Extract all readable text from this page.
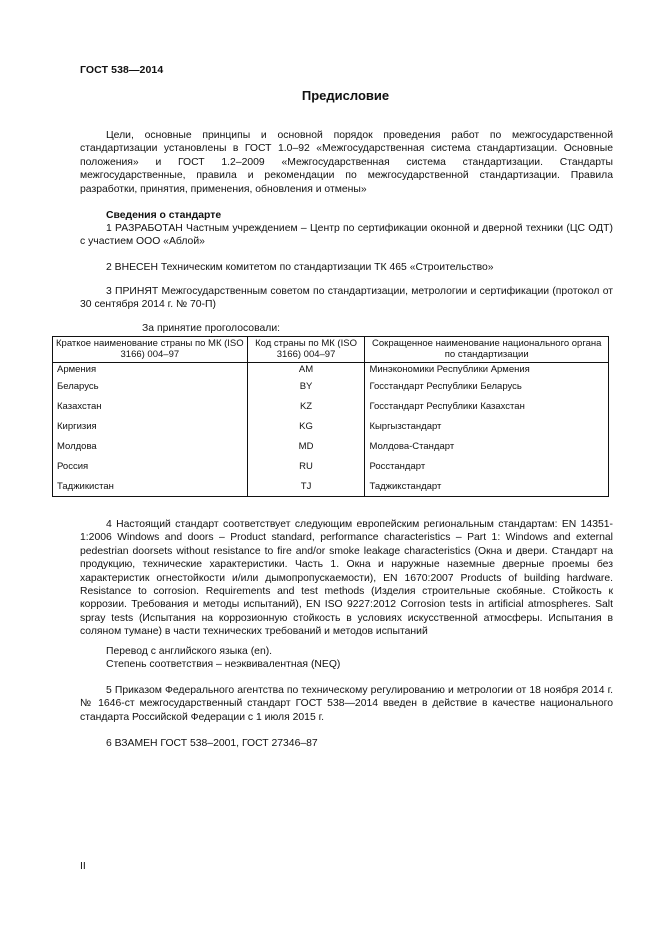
ГОСТ 538—2014
Предисловие
Цели, основные принципы и основной порядок проведения работ по межгосударственной стандартизации установлены в ГОСТ 1.0–92 «Межгосударственная система стандартизации. Основные положения» и ГОСТ 1.2–2009 «Межгосударственная система стандартизации. Стандарты межгосударственные, правила и рекомендации по межгосударственной стандартизации. Правила разработки, принятия, применения, обновления и отмены»
Сведения о стандарте
1 РАЗРАБОТАН Частным учреждением – Центр по сертификации оконной и дверной техники (ЦС ОДТ) с участием ООО «Аблой»
2 ВНЕСЕН Техническим комитетом по стандартизации ТК 465 «Строительство»
3 ПРИНЯТ Межгосударственным советом по стандартизации, метрологии и сертификации (протокол от 30 сентября 2014 г. № 70-П)
За принятие проголосовали:
Краткое наименование страны по МК (ISO 3166) 004–97	Код страны по МК (ISO 3166) 004–97	Сокращенное наименование национального органа по стандартизации
Армения	AM	Минэкономики Республики Армения
Беларусь	BY	Госстандарт Республики Беларусь
Казахстан	KZ	Госстандарт Республики Казахстан
Киргизия	KG	Кыргызстандарт
Молдова	MD	Молдова-Стандарт
Россия	RU	Росстандарт
Таджикистан	TJ	Таджикстандарт
4 Настоящий стандарт соответствует следующим европейским региональным стандартам: EN 14351-1:2006 Windows and doors – Product standard, performance characteristics – Part 1: Windows and external pedestrian doorsets without resistance to fire and/or smoke leakage characteristics (Окна и двери. Стандарт на продукцию, технические характеристики. Часть 1. Окна и наружные наземные дверные проемы без характеристик огнестойкости и/или дымопропускаемости), EN 1670:2007 Products of building hardware. Resistance to corrosion. Requirements and test methods (Изделия строительные скобяные. Стойкость к коррозии. Требования и методы испытаний), EN ISO 9227:2012 Corrosion tests in artificial atmospheres. Salt spray tests (Испытания на коррозионную стойкость в условиях искусственной атмосферы. Испытания в соляном тумане) в части технических требований и методов испытаний
Перевод с английского языка (en).
Степень соответствия – неэквивалентная (NEQ)
5 Приказом Федерального агентства по техническому регулированию и метрологии от 18 ноября 2014 г. № 1646-ст межгосударственный стандарт ГОСТ 538—2014 введен в действие в качестве национального стандарта Российской Федерации с 1 июля 2015 г.
6 ВЗАМЕН ГОСТ 538–2001, ГОСТ 27346–87
II
